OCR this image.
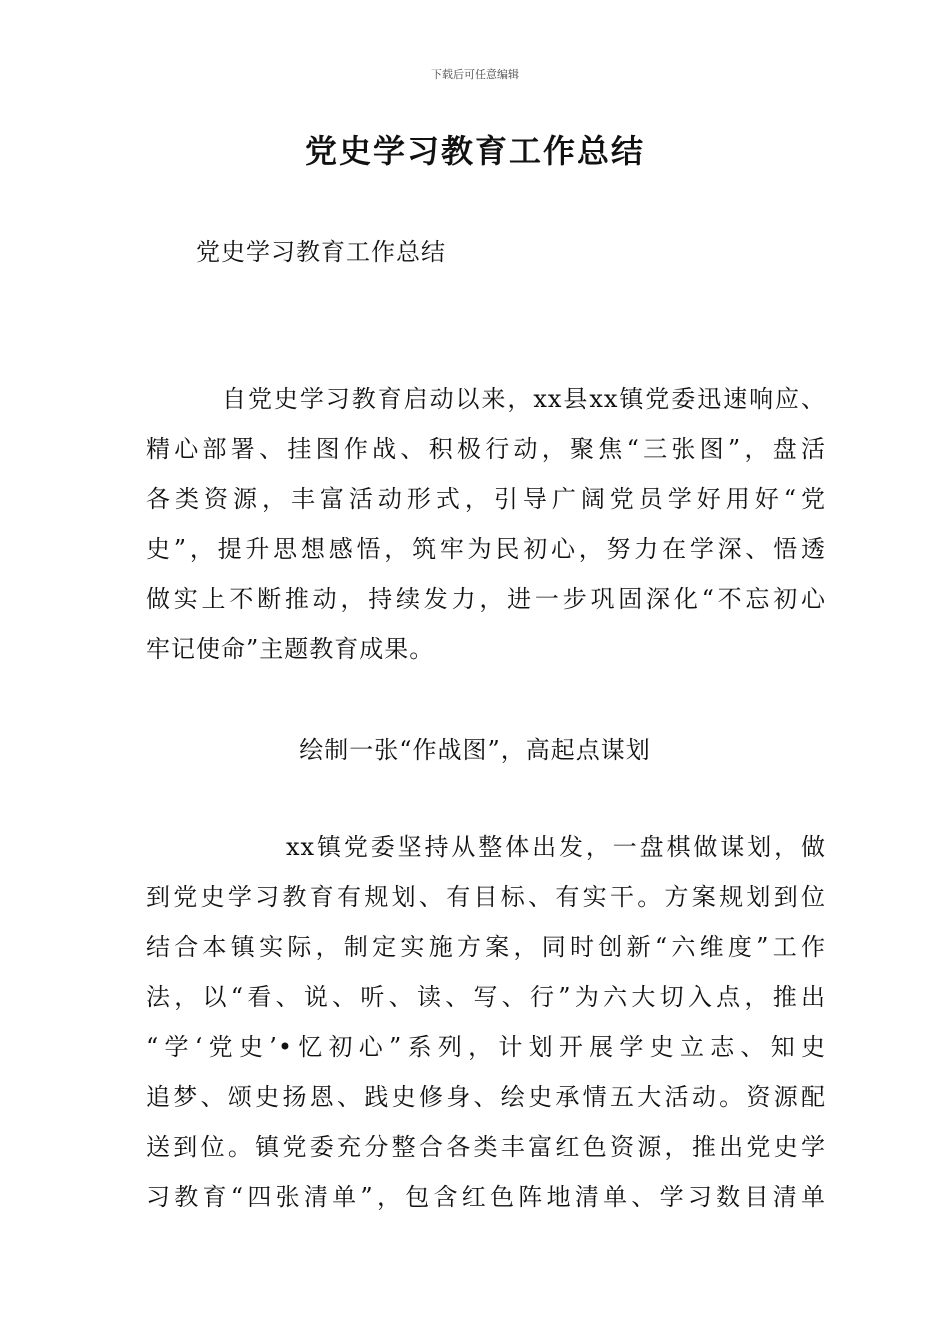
下载后可任意编辑
党史学习教育工作总结
党史学习教育工作总结
自党史学习教育启动以来，xx县xx镇党委迅速响应、
精心部署、挂图作战、积极行动，聚焦“三张图”，盘活
各类资源，丰富活动形式，引导广阔党员学好用好“党
史”，提升思想感悟，筑牢为民初心，努力在学深、悟透
做实上不断推动，持续发力，进一步巩固深化“不忘初心
牢记使命”主题教育成果。
绘制一张“作战图”，高起点谋划
xx镇党委坚持从整体出发，一盘棋做谋划，做
到党史学习教育有规划、有目标、有实干。方案规划到位
结合本镇实际，制定实施方案，同时创新“六维度”工作
法，以“看、说、听、读、写、行”为六大切入点，推出
“学‘党史’•忆初心”系列，计划开展学史立志、知史
追梦、颂史扬恩、践史修身、绘史承情五大活动。资源配
送到位。镇党委充分整合各类丰富红色资源，推出党史学
习教育“四张清单”，包含红色阵地清单、学习数目清单
